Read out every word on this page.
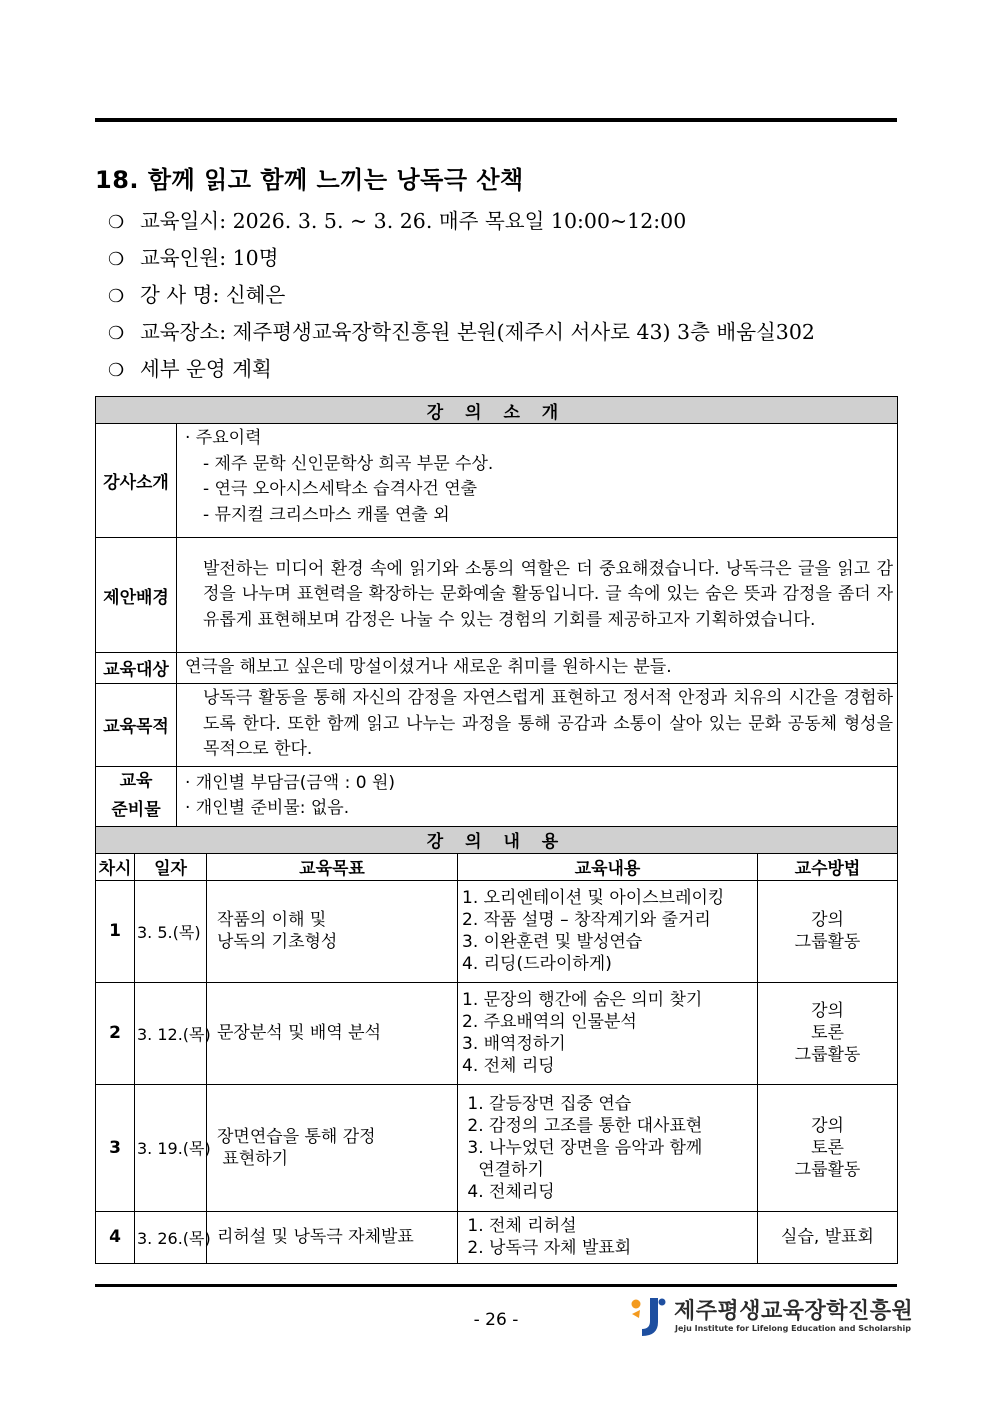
18. 함께 읽고 함께 느끼는 낭독극 산책
❍ 교육일시: 2026. 3. 5. ~ 3. 26. 매주 목요일 10:00~12:00
❍ 교육인원: 10명
❍ 강 사 명: 신혜은
❍ 교육장소: 제주평생교육장학진흥원 본원(제주시 서사로 43) 3층 배움실302
❍ 세부 운영 계획
강 의 소 개					
강사소개		· 주요이력
- 제주 문학 신인문학상 희곡 부문 수상.
- 연극 오아시스세탁소 습격사건 연출
- 뮤지컬 크리스마스 캐롤 연출 외			

제안배경		발전하는 미디어 환경 속에 읽기와 소통의 역할은 더 중요해졌습니다. 낭독극은 글을 읽고 감정을 나누며 표현력을 확장하는 문화예술 활동입니다. 글 속에 있는 숨은 뜻과 감정을 좀더 자유롭게 표현해보며 감정은 나눌 수 있는 경험의 기회를 제공하고자 기획하였습니다.			
교육대상		연극을 해보고 싶은데 망설이셨거나 새로운 취미를 원하시는 분들.			
교육목적		낭독극 활동을 통해 자신의 감정을 자연스럽게 표현하고 정서적 안정과 치유의 시간을 경험하도록 한다. 또한 함께 읽고 나누는 과정을 통해 공감과 소통이 살아 있는 문화 공동체 형성을 목적으로 한다.			

교육
준비물		· 개인별 부담금(금액 : 0 원)
· 개인별 준비물: 없음.			

강 의 내 용					
차시	일자		교육목표	교육내용	교수방법
1	3. 5.(목)		작품의 이해 및
낭독의 기초형성	1. 오리엔테이션 및 아이스브레이킹
2. 작품 설명 – 창작계기와 줄거리
3. 이완훈련 및 발성연습
4. 리딩(드라이하게)	강의
그룹활동

2	3. 12.(목)		문장분석 및 배역 분석	1. 문장의 행간에 숨은 의미 찾기
2. 주요배역의 인물분석
3. 배역정하기
4. 전체 리딩	강의
토론
그룹활동

3	3. 19.(목)		장면연습을 통해 감정
표현하기	1. 갈등장면 집중 연습
2. 감정의 고조를 통한 대사표현
3. 나누었던 장면을 음악과 함께
연결하기
4. 전체리딩	강의
토론
그룹활동

4	3. 26.(목)		리허설 및 낭독극 자체발표	1. 전체 리허설
2. 낭독극 자체 발표회	실습, 발표회
- 26 -	제주평생교육장학진흥원
Jeju Institute for Lifelong Education and Scholarship
